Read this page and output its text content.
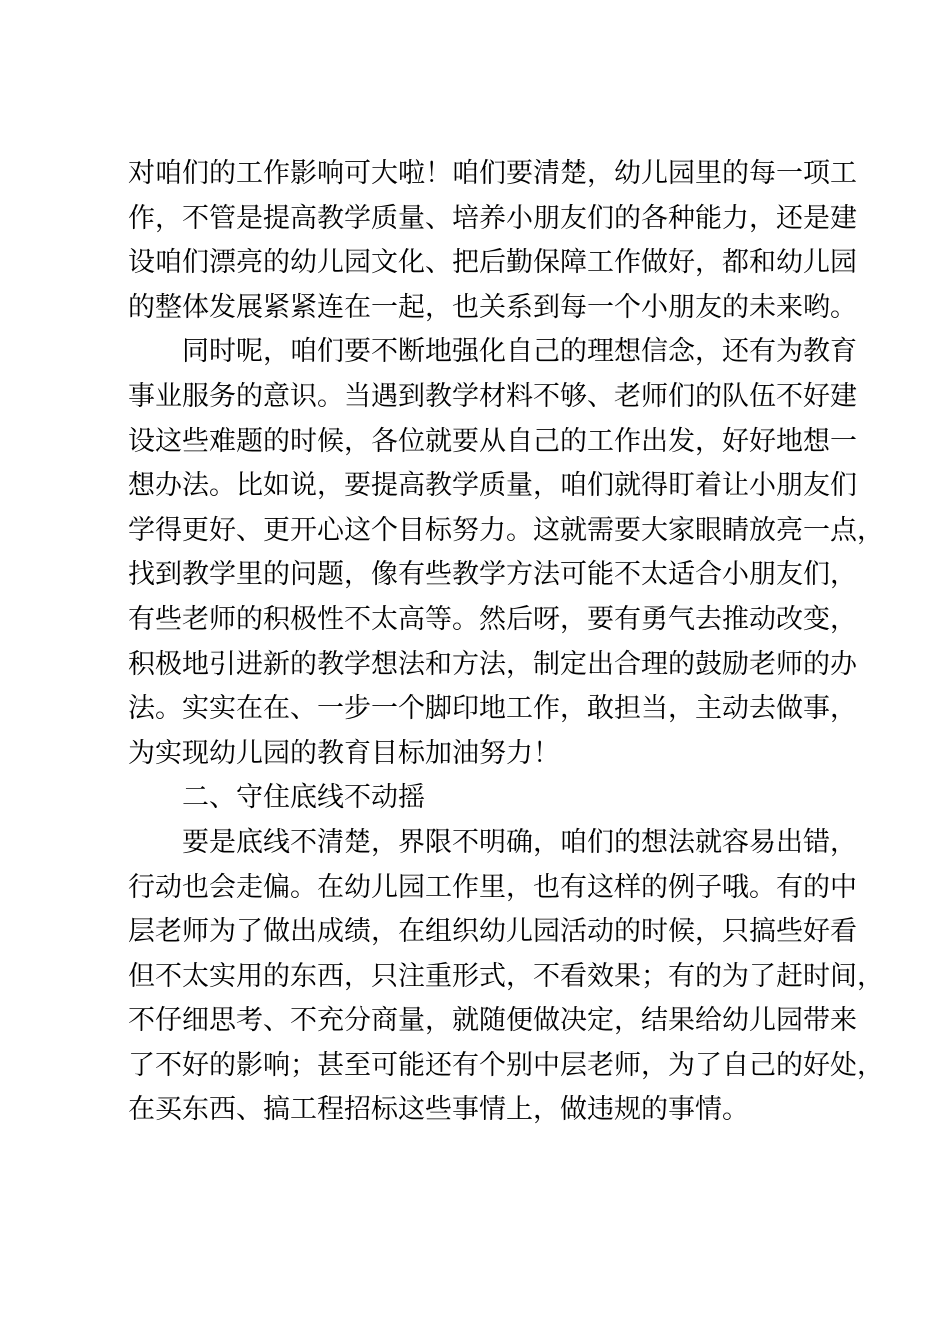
对咱们的工作影响可大啦！咱们要清楚，幼儿园里的每一项工
作，不管是提高教学质量、培养小朋友们的各种能力，还是建
设咱们漂亮的幼儿园文化、把后勤保障工作做好，都和幼儿园
的整体发展紧紧连在一起，也关系到每一个小朋友的未来哟。
同时呢，咱们要不断地强化自己的理想信念，还有为教育
事业服务的意识。当遇到教学材料不够、老师们的队伍不好建
设这些难题的时候，各位就要从自己的工作出发，好好地想一
想办法。比如说，要提高教学质量，咱们就得盯着让小朋友们
学得更好、更开心这个目标努力。这就需要大家眼睛放亮一点，
找到教学里的问题，像有些教学方法可能不太适合小朋友们，
有些老师的积极性不太高等。然后呀，要有勇气去推动改变，
积极地引进新的教学想法和方法，制定出合理的鼓励老师的办
法。实实在在、一步一个脚印地工作，敢担当，主动去做事，
为实现幼儿园的教育目标加油努力！
二、守住底线不动摇
要是底线不清楚，界限不明确，咱们的想法就容易出错，
行动也会走偏。在幼儿园工作里，也有这样的例子哦。有的中
层老师为了做出成绩，在组织幼儿园活动的时候，只搞些好看
但不太实用的东西，只注重形式，不看效果；有的为了赶时间，
不仔细思考、不充分商量，就随便做决定，结果给幼儿园带来
了不好的影响；甚至可能还有个别中层老师，为了自己的好处，
在买东西、搞工程招标这些事情上，做违规的事情。
